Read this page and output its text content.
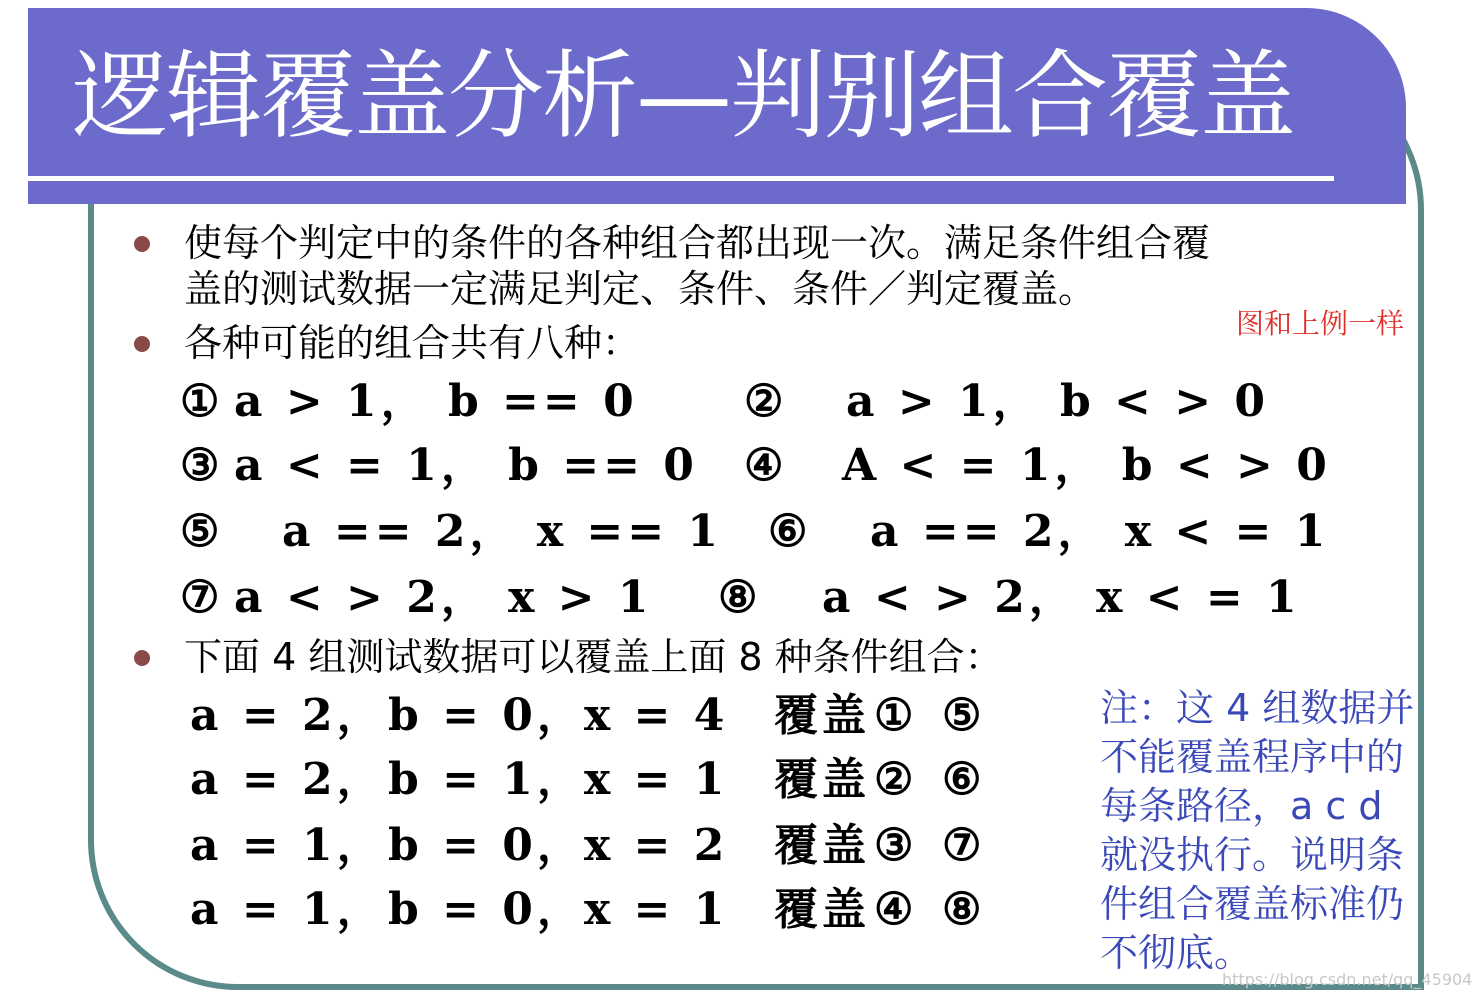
逻辑覆盖分析—判别组合覆盖
使每个判定中的条件的各种组合都出现一次。满足条件组合覆
盖的测试数据一定满足判定、条件、条件／判定覆盖。
各种可能的组合共有八种：	图和上例一样
① a > 1， b == 0 ② a > 1， b < > 0
③ a < = 1， b == 0 ④ A < = 1， b < > 0
⑤ a == 2， x == 1 ⑥ a == 2， x < = 1
⑦ a < > 2， x > 1 ⑧ a < > 2， x < = 1
下面 4 组测试数据可以覆盖上面 8 种条件组合：
a = 2， b = 0， x = 4 覆盖 ① ⑤
a = 2， b = 1， x = 1 覆盖 ② ⑥
a = 1， b = 0， x = 2 覆盖 ③ ⑦
a = 1， b = 0， x = 1 覆盖 ④ ⑧
注：这 4 组数据并
不能覆盖程序中的
每条路径，a c d
就没执行。说明条
件组合覆盖标准仍
不彻底。
https://blog.csdn.net/qq_45904
